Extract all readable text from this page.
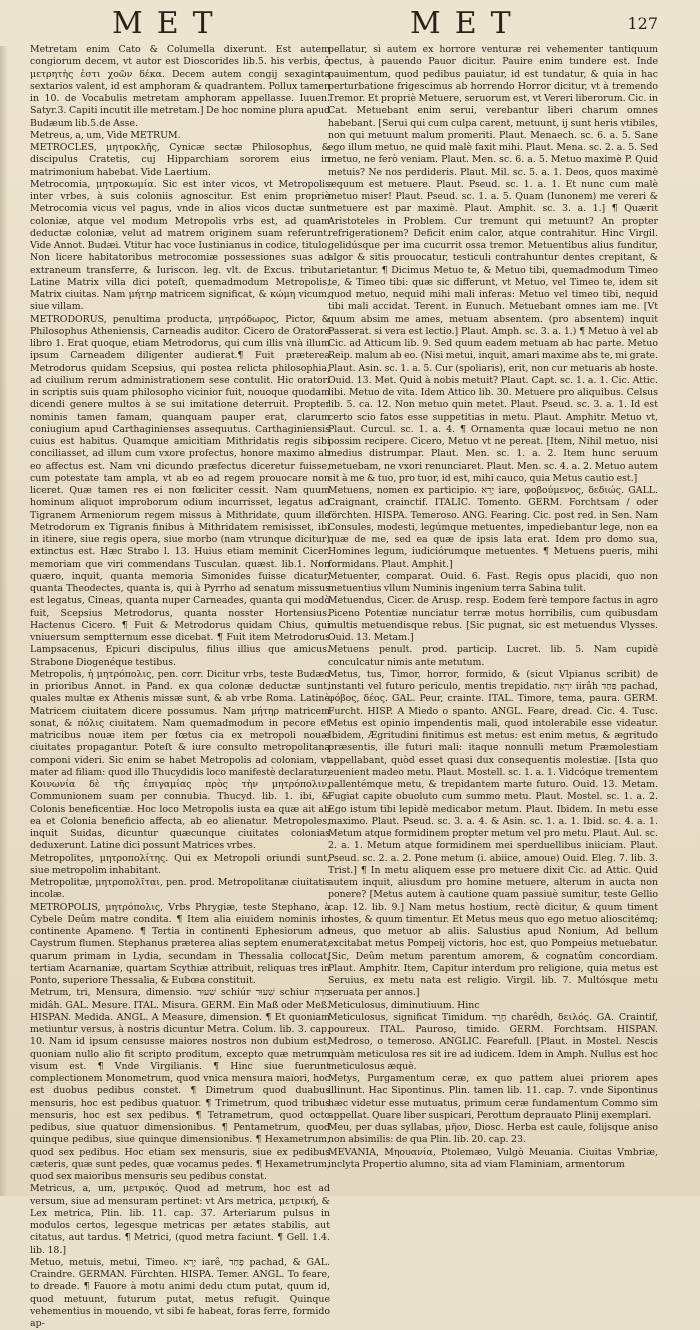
MET	MET	127

Metretam enim Cato & Columella dixerunt. Est autem congiorum decem, vt autor est Dioscorides lib.5. his verbis, ὁ μετρητὴς ἐστι χοῶν δέκα. Decem autem congij sexaginta sextarios valent, id est amphoram & quadrantem. Pollux tamen in 10. de Vocabulis metretam amphoram appellasse. Iuuen. Satyr.3. Capiti incutit ille metretam.] De hoc nomine plura apud Budæum lib.5.de Asse.

Metreus, a, um, Vide METRUM.

METROCLES, μητροκλῆς, Cynicæ sectæ Philosophus, & discipulus Cratetis, cuj Hipparchiam sororem eius in matrimonium habebat. Vide Laertium.

Metrocomia, μητροκωμία. Sic est inter vicos, vt Metropolis inter vrbes, à suis coloniis agnoscitur. Est enim propriè Metrocomia vicus vel pagus, vnde in alios vicos ductæ sunt coloniæ, atque vel modum Metropolis vrbs est, ad quam deductæ coloniæ, velut ad matrem originem suam referunt. Vide Annot. Budæi. Vtitur hac voce Iustinianus in codice, titulo, Non licere habitatoribus metrocomiæ possessiones suas ad extraneum transferre, & Iuriscon. leg. vlt. de Excus. tribut. Latine Matrix villa dici poteſt, quemadmodum Metropolis, Matrix ciuitas. Nam μήτηρ matricem significat, & κώμη vicum, siue villam.

METRODORUS, penultima producta, μητρόδωρος, Pictor, & Philosophus Atheniensis, Carneadis auditor. Cicero de Oratore libro 1. Erat quoque, etiam Metrodorus, qui cum illis vnà illum ipsum Carneadem diligenter audierat.¶ Fuit præterea Metrodorus quidam Scepsius, qui postea relicta philosophia, ad ciuilium rerum administrationem sese contulit. Hic oratori in scriptis suis quam philosopho vicinior fuit, nouoque quodam dicendi genere multos à se sui imitatione deterruit. Propter nominis tamen famam, quanquam pauper erat, clarum coniugium apud Carthaginienses assequutus. Carthaginiensis cuius est habitus. Quamque amicitiam Mithridatis regis sibi conciliasset, ad illum cum vxore profectus, honore maximo ab eo affectus est. Nam vni dicundo præfectus diceretur fuisse, cum potestate tam ampla, vt ab eo ad regem prouocare non liceret. Quæ tamen res ei non fœliciter cessit. Nam quum hominum aliquot improborum odium incurrisset, legatus ad Tigranem Armeniorum regem missus à Mithridate, quum ille Metrodorum ex Tigranis finibus à Mithridatem remisisset, ibi in itinere, siue regis opera, siue morbo (nam vtrunque dicitur) extinctus est. Hæc Strabo l. 13. Huius etiam meminit Cicer. memoriam que viri commendans Tusculan. quæst. lib.1. Non quæro, inquit, quanta memoria Simonides fuisse dicatur, quanta Theodectes, quanta is, qui à Pyrrho ad senatum missus est legatus, Cineas, quanta nuper Carneades, quanta qui modò fuit, Scepsius Metrodorus, quanta nosster Hortensius. Hactenus Cicero. ¶ Fuit & Metrodorus quidam Chius, qui vniuersum semptternum esse dicebat. ¶ Fuit item Metrodorus Lampsacenus, Epicuri discipulus, filius illius que amicus. Strabone Diogenéque testibus.

Metropolis, ἡ μητρόπολις, pen. corr. Dicitur vrbs, teste Budæo in prioribus Annot. in Pand. ex qua colonæ deductæ sunt, quales multæ ex Athenis missæ sunt, & ab vrbe Roma. Latinè Matricem ciuitatem dicere possumus. Nam μήτηρ matricem sonat, & πόλις ciuitatem. Nam quemadmodum in pecore et matricibus nouæ item per fœtus cia ex metropoli nouæ ciuitates propagantur. Poteſt & iure consulto metropolitana componi videri. Sic enim se habet Metropolis ad coloniam, vt mater ad filiam: quod illo Thucydidis loco manifestè declaratur, Κοινωνία δὲ τῆς ἐπιγαμίας πρὸς τὴν μητρόπολιν, Communionem suam per connubia. Thucyd. lib. 1. ibi, & Colonis beneficentiæ. Hoc loco Metropolis iusta ea quæ ait ab ea et Colonia beneficio affecta, ab eo alienatur. Metropoles, inquit Suidas, dicuntur quæcunque ciuitates colonias deduxerunt. Latine dici possunt Matrices vrbes.

Metropolites, μητροπολίτης. Qui ex Metropoli oriundi sunt, siue metropolim inhabitant.

Metropolitæ, μητροπολῖται, pen. prod. Metropolitanæ ciuitatis incolæ.

METROPOLIS, μητρόπολις, Vrbs Phrygiæ, teste Stephano, à Cybele Deûm matre condita. ¶ Item alia eiuidem nominis in continente Apameno. ¶ Tertia in continenti Ephesiorum ad Caystrum flumen. Stephanus præterea alias septem enumerat, quarum primam in Lydia, secundam in Thessalia collocat, tertiam Acarnaniæ, quartam Scythiæ attribuit, reliquas tres in Ponto, superiore Thessalia, & Eubœa constituit.

Metrum, tri, Mensura, dimensio. שִׁעוּר schiúr שִׁעוּר schiur מִדָּה midâh. GAL. Mesure. ITAL. Misura. GERM. Ein Maß oder Meß. HISPAN. Medida. ANGL. A Measure, dimension. ¶ Et quoniam metiuntur versus, à nostris dicuntur Metra. Colum. lib. 3. cap. 10. Nam id ipsum censusse maiores nostros non dubium est, quoniam nullo alio fit scripto proditum, excepto quæ metrum visum est. ¶ Vnde Virgilianis. ¶ Hinc siue fuerunt complectionem Monometrum, quod vnica mensura maiori, hoc est duobus pedibus constet. ¶ Dimetrum quod duabus mensuris, hoc est pedibus quatuor. ¶ Trimetrum, quod tribus mensuris, hoc est sex pedibus. ¶ Tetrametrum, quod octo pedibus, siue quatuor dimensionibus. ¶ Pentametrum, quod quinque pedibus, siue quinque dimensionibus. ¶ Hexametrum, quod sex pedibus. Hoc etiam sex mensuris, siue ex pedibus cæteris, quæ sunt pedes, quæ vocamus pedes. ¶ Hexametrum, quod sex maioribus mensuris seu pedibus constat.

Metricus, a, um, μετρικός. Quod ad metrum, hoc est ad versum, siue ad mensuram pertinet: vt Ars metrica, μετρική, & Lex metrica, Plin. lib. 11. cap. 37. Arteriarum pulsus in modulos certos, legesque metricas per ætates stabilis, aut citatus, aut tardus. ¶ Metrici, (quod metra faciunt. ¶ Gell. 1.4. lib. 18.]

Metuo, metuis, metui, Timeo. יָרֵא iarê, פָּחַד pachad, & GAL. Craindre. GERMAN. Fürchten. HISPA. Temer. ANGL. To feare, to dreade. ¶ Fauore à motu animi dedu ctum putat, quum id, quod metuunt, futurum putat, metus refugit. Quinque vehementius in mouendo, vt sibi fe habeat, foras ferre, formido ap-

pellatur, sì autem ex horrore venturæ rei vehementer tantiquum pectus, à pauendo Pauor dicitur. Pauire enim tundere est. Inde pauimentum, quod pedibus pauiatur, id est tundatur, & quia in hac perturbatione frigescimus ab horrendo Horror dicitur, vt à tremendo Tremor. Et propriè Metuere, seruorum est, vt Vereri liberorum. Cic. in Cat. Metuebant enim serui, verebantur liberi charum omnes habebant. [Serui qui cum culpa carent, metuunt, ij sunt heris vtibiles, non qui metuunt malum promeriti. Plaut. Menaech. sc. 6. a. 5. Sane ego illum metuo, ne quid malè faxit mihi. Plaut. Mena. sc. 2. a. 5. Sed metuo, ne ferò veniam. Plaut. Men. sc. 6. a. 5. Metuo maximè P. Quid metuis? Ne nos perdideris. Plaut. Mil. sc. 5. a. 1. Deos, quos maximè æquum est metuere. Plaut. Pseud. sc. 1. a. 1. Et nunc cum malè metuo miser! Plaut. Pseud. sc. 1. a. 5. Quam (Iunonem) me vereri & metuere est par maximè. Plaut. Amphit. sc. 3. a. 1.] ¶ Quærit Aristoteles in Problem. Cur tremunt qui metuunt? An propter refrigerationem? Deficit enim calor, atque contrahitur. Hinc Virgil. gelidúsque per ima cucurrit ossa tremor. Metuentibus alius funditur, algor & sitis prouocatur, testiculi contrahuntur dentes crepitant, & arietantur. ¶ Dicimus Metuo te, & Metuo tibi, quemadmodum Timeo te, & Timeo tibi: quæ sic differunt, vt Metuo, vel Timeo te, idem sit quod metuo, nequid mihi mali inferas: Metuo vel timeo tibi, nequid tibi mali accidat. Terent. in Eunuch. Metuebant omnes iam me. [Vt quum absim me ames, metuam absentem. (pro absentem) inquit Passerat. si vera est lectio.] Plaut. Amph. sc. 3. a. 1.) ¶ Metuo à vel ab Cic. ad Atticum lib. 9. Sed quum eadem metuam ab hac parte. Metuo Reip. malum ab eo. (Nisi metui, inquit, amari maxime abs te, mi grate. Plaut. Asin. sc. 1. a. 5. Cur (spoliaris), erit, non cur metuaris ab hoste. Ouid. 13. Met. Quid à nobis metuit? Plaut. Capt. sc. 1. a. 1. Cic. Attic. libi. Metuo de vita. Idem Attico lib. 30. Metuere pro aliquibus. Celsus lib. 5. ca. 12. Non metuo quin metet. Plaut. Pseud. sc. 3. a. 1. Id est certo scio fatos esse suppetitias in metu. Plaut. Amphitr. Metuo vt, Plaut. Curcul. sc. 1. a. 4. ¶ Ornamenta quæ locaui metuo ne non possim recipere. Cicero, Metuo vt ne pereat. [Item, Nihil metuo, nisi medius distrumpar. Plaut. Men. sc. 1. a. 2. Item hunc seruum metuebam, ne vxori renunciaret. Plaut. Men. sc. 4. a. 2. Metuo autem sit à me & tuo, pro tuor, id est, mihi cauco, quia Metus cautio est.]

Metuens, nomen ex participio. יָרֵא iare, φοβούμενος, δεδιώς. GALL. Craignant, crainctif. ITALIC. Tomento. GERM. Forchtsam / oder förchten. HISPA. Temeroso. ANG. Fearing. Cic. post red. in Sen. Nam Consules, modesti, legúmque metuentes, impediebantur lege, non ea quæ de me, sed ea quæ de ipsis lata erat. Idem pro domo sua, Homines legum, iudiciórumque metuentes. ¶ Metuens pueris, mihi formidans. Plaut. Amphit.]

Metuenter, comparat. Ouid. 6. Fast. Regis opus placidi, quo non metuentius vllum Numinis ingenium terra Sabina tulit.

Metuendus, Cicer. de Arusp. resp. Eodem ferè tempore factus in agro Piceno Potentiæ nunciatur terræ motus horribilis, cum quibusdam multis metuendisque rebus. [Sic pugnat, sic est metuendus Vlysses. Ouid. 13. Metam.]

Metuens penult. prod. particip. Lucret. lib. 5. Nam cupidè conculcatur nimis ante metutum.

Metus, tus, Timor, horror, formido, & (sicut Vlpianus scribit) de instanti vel futuro periculo, mentis trepidatio. יִרְאָה iirâh פַּחַד pachad, φόβος, δέος. GAL. Peur, crainte. ITAL. Timore, tema, paura. GERM. Furcht. HISP. A Miedo o spanto. ANGL. Feare, dread. Cic. 4. Tusc. Metus est opinio impendentis mali, quod intolerabile esse videatur. Ibidem, Ægritudini finitimus est metus: est enim metus, & ægritudo præsentis, ille futuri mali: itaque nonnulli metum Præmolestiam appellabant, quòd esset quasi dux consequentis molestiæ. [Ista quo euenient madeo metu. Plaut. Mostell. sc. 1. a. 1. Vidcóque trementem pallentémque metu, & trepidantem marte futuro. Ouid. 13. Metam. Fugiat capite obuoluto cum summo metu. Plaut. Mostel. sc. 1. a. 2. Ego istum tibi lepidè medicabor metum. Plaut. Ibidem. In metu esse maximo. Plaut. Pseud. sc. 3. a. 4. & Asin. sc. 1. a. 1. Ibid. sc. 4. a. 1. Metum atque formidinem propter metum vel pro metu. Plaut. Aul. sc. 2. a. 1. Metum atque formidinem mei sperduellibus iniiciam. Plaut. Pseud. sc. 2. a. 2. Pone metum (i. abiice, amoue) Ouid. Eleg. 7. lib. 3. Trist.] ¶ In metu aliquem esse pro metuere dixit Cic. ad Attic. Quid autem inquit, aliusdum pro homine metuere, alterum in aucta non ponere? [Metus autem à cautione quam passiuè sumitur, teste Gellio cap. 12. lib. 9.] Nam metus hostium, rectè dicitur, & quum timent hostes, & quum timentur. Et Metus meus quo ego metuo alioscitémq; meus, quo metuor ab aliis. Salustius apud Nonium, Ad bellum excitabat metus Pompeij victoris, hoc est, quo Pompeius metuebatur. [Sic, Deûm metum parentum amorem, & cognatûm concordiam. Plaut. Amphitr. Item, Capitur interdum pro religione, quia metus est Seruius, ex metu nata est religio. Virgil. lib. 7. Multósque metu seruata per annos.]

Meticulosus, diminutiuum. Hinc

Meticulosus, significat Timidum. חָרֵד charêdh, δειλός. GA. Craintif, poureux. ITAL. Pauroso, timido. GERM. Forchtsam. HISPAN. Medroso, o temeroso. ANGLIC. Fearefull. [Plaut. in Mostel. Nescis quàm meticulosa res sit ire ad iudicem. Idem in Amph. Nullus est hoc meticulosus æquè.

Metys, Purgamentum ceræ, ex quo pattem aluei priorem apes illinunt. Hac Sipontinus. Plin. tamen lib. 11. cap. 7. vnde Sipontinus hæc videtur esse mutuatus, primum ceræ fundamentum Commo sim appellat. Quare liber suspicari, Perottum deprauato Plinij exemplari.

Meu, per duas syllabas, μῆον, Diosc. Herba est caule, folijsque aniso non absimilis: de qua Plin. lib. 20. cap. 23.

MEVANIA, Μηουανία, Ptolemæo, Vulgò Meuania. Ciuitas Vmbriæ, inclyta Propertio alumno, sita ad viam Flaminiam, armentorum
